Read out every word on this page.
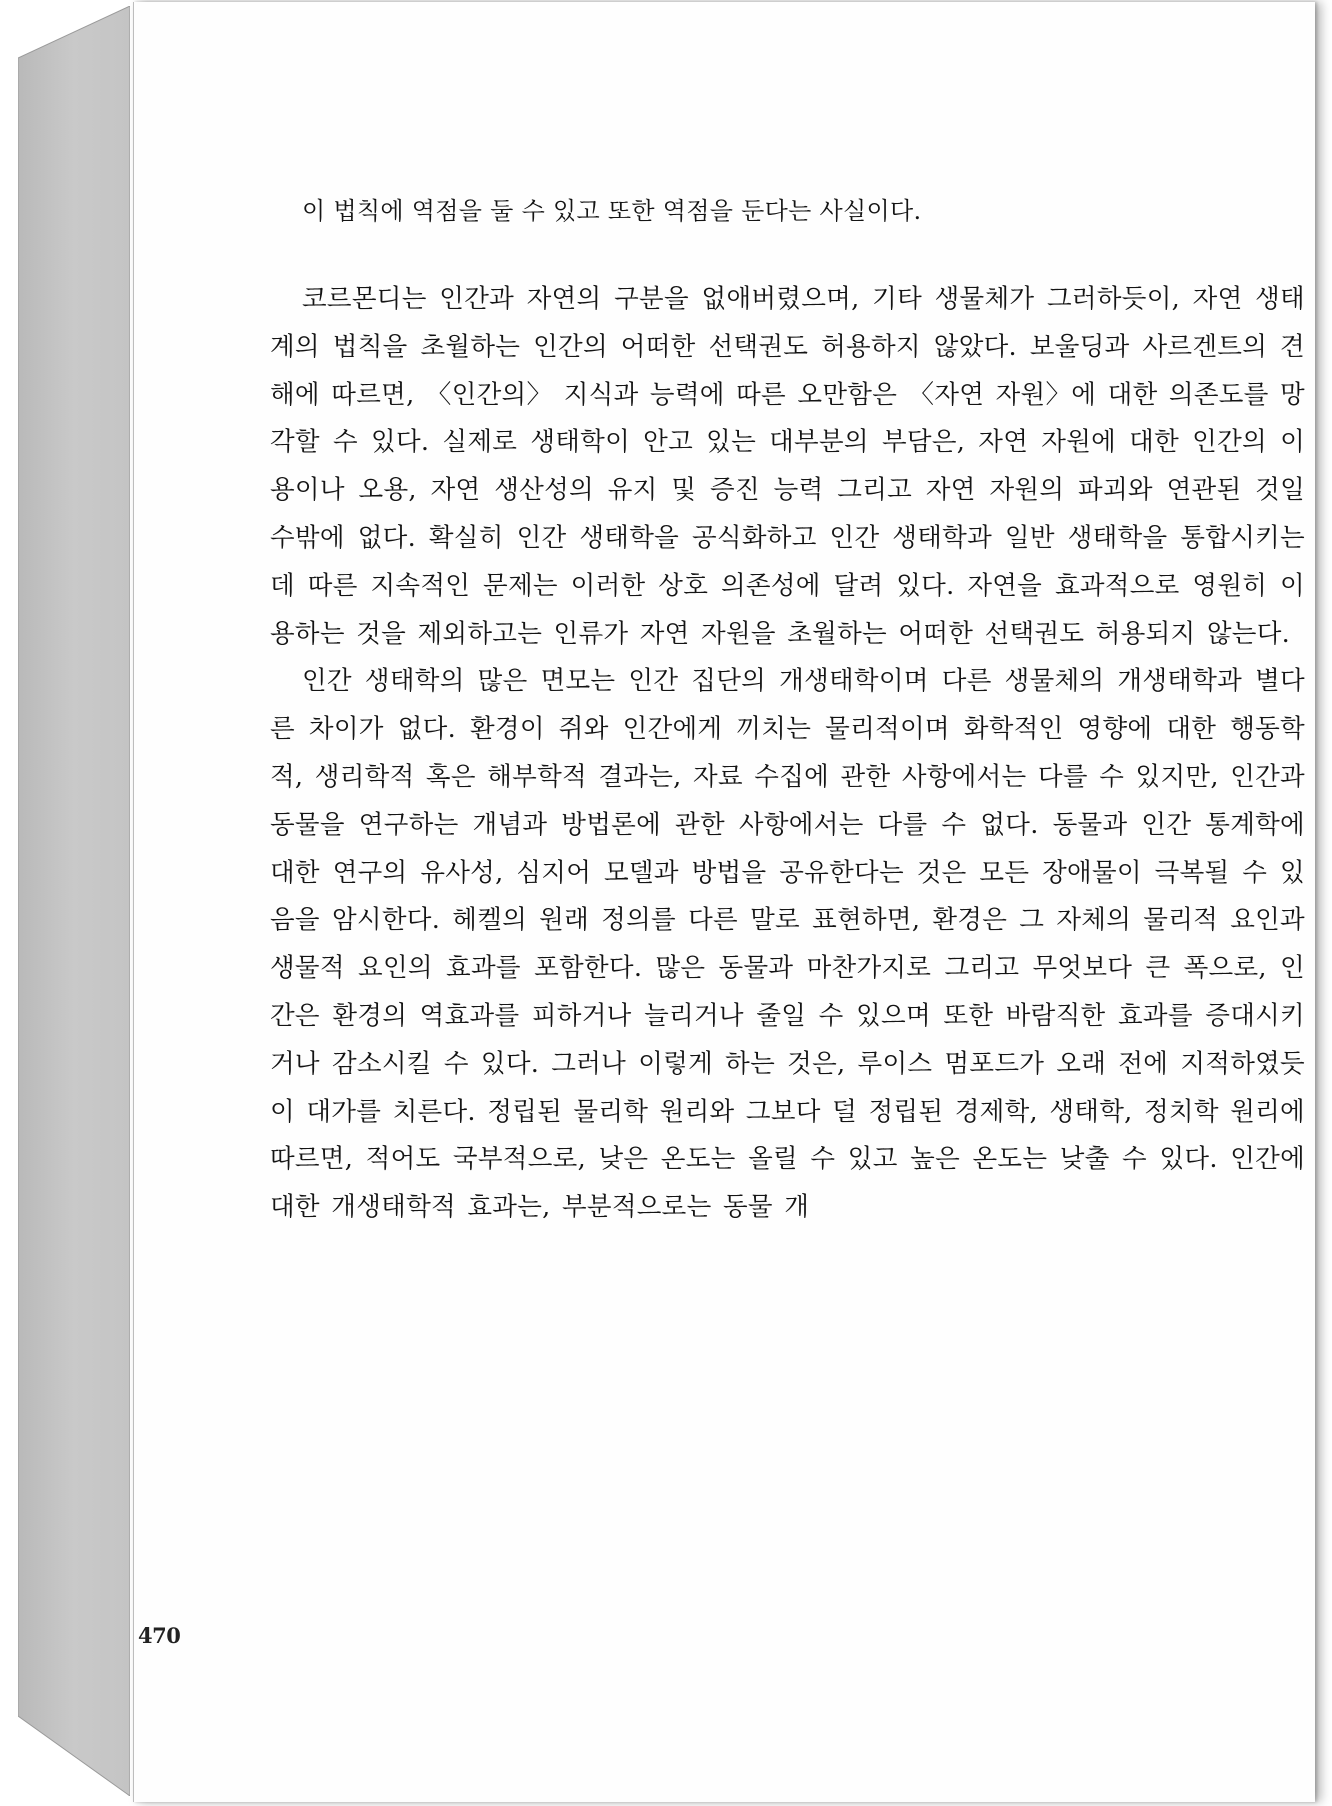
이 법칙에 역점을 둘 수 있고 또한 역점을 둔다는 사실이다.

코르몬디는 인간과 자연의 구분을 없애버렸으며, 기타 생물체가 그러하듯이, 자연 생태계의 법칙을 초월하는 인간의 어떠한 선택권도 허용하지 않았다. 보울딩과 사르겐트의 견해에 따르면, 〈인간의〉 지식과 능력에 따른 오만함은 〈자연 자원〉에 대한 의존도를 망각할 수 있다. 실제로 생태학이 안고 있는 대부분의 부담은, 자연 자원에 대한 인간의 이용이나 오용, 자연 생산성의 유지 및 증진 능력 그리고 자연 자원의 파괴와 연관된 것일 수밖에 없다. 확실히 인간 생태학을 공식화하고 인간 생태학과 일반 생태학을 통합시키는 데 따른 지속적인 문제는 이러한 상호 의존성에 달려 있다. 자연을 효과적으로 영원히 이용하는 것을 제외하고는 인류가 자연 자원을 초월하는 어떠한 선택권도 허용되지 않는다.

인간 생태학의 많은 면모는 인간 집단의 개생태학이며 다른 생물체의 개생태학과 별다른 차이가 없다. 환경이 쥐와 인간에게 끼치는 물리적이며 화학적인 영향에 대한 행동학적, 생리학적 혹은 해부학적 결과는, 자료 수집에 관한 사항에서는 다를 수 있지만, 인간과 동물을 연구하는 개념과 방법론에 관한 사항에서는 다를 수 없다. 동물과 인간 통계학에 대한 연구의 유사성, 심지어 모델과 방법을 공유한다는 것은 모든 장애물이 극복될 수 있음을 암시한다. 헤켈의 원래 정의를 다른 말로 표현하면, 환경은 그 자체의 물리적 요인과 생물적 요인의 효과를 포함한다. 많은 동물과 마찬가지로 그리고 무엇보다 큰 폭으로, 인간은 환경의 역효과를 피하거나 늘리거나 줄일 수 있으며 또한 바람직한 효과를 증대시키거나 감소시킬 수 있다. 그러나 이렇게 하는 것은, 루이스 멈포드가 오래 전에 지적하였듯이 대가를 치른다. 정립된 물리학 원리와 그보다 덜 정립된 경제학, 생태학, 정치학 원리에 따르면, 적어도 국부적으로, 낮은 온도는 올릴 수 있고 높은 온도는 낮출 수 있다. 인간에 대한 개생태학적 효과는, 부분적으로는 동물 개

470
